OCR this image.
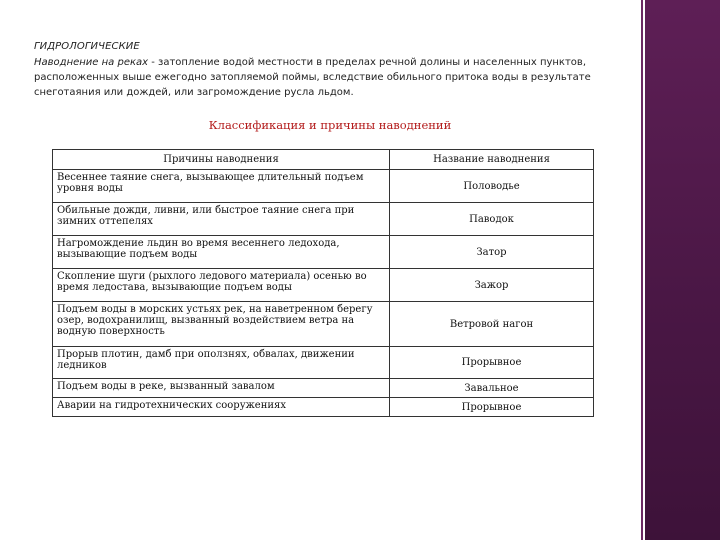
ГИДРОЛОГИЧЕСКИЕ
Наводнение на реках - затопление водой местности в пределах речной долины и населенных пунктов, расположенных выше ежегодно затопляемой поймы, вследствие обильного притока воды в результате снеготаяния или дождей, или загромождение русла льдом.
Классификация и причины наводнений
Причины наводнения	Название наводнения
Весеннее таяние снега, вызывающее длительный подъем уровня воды	Половодье
Обильные дожди, ливни, или быстрое таяние снега при зимних оттепелях	Паводок
Нагромождение льдин во время весеннего ледохода, вызывающие подъем воды	Затор
Скопление шуги (рыхлого ледового материала) осенью во время ледостава, вызывающие подъем воды	Зажор
Подъем воды в морских устьях рек, на наветренном берегу озер, водохранилищ, вызванный воздействием ветра на водную поверхность	Ветровой нагон
Прорыв плотин, дамб при оползнях, обвалах, движении ледников	Прорывное
Подъем воды в реке, вызванный завалом	Завальное
Аварии на гидротехнических сооружениях	Прорывное
